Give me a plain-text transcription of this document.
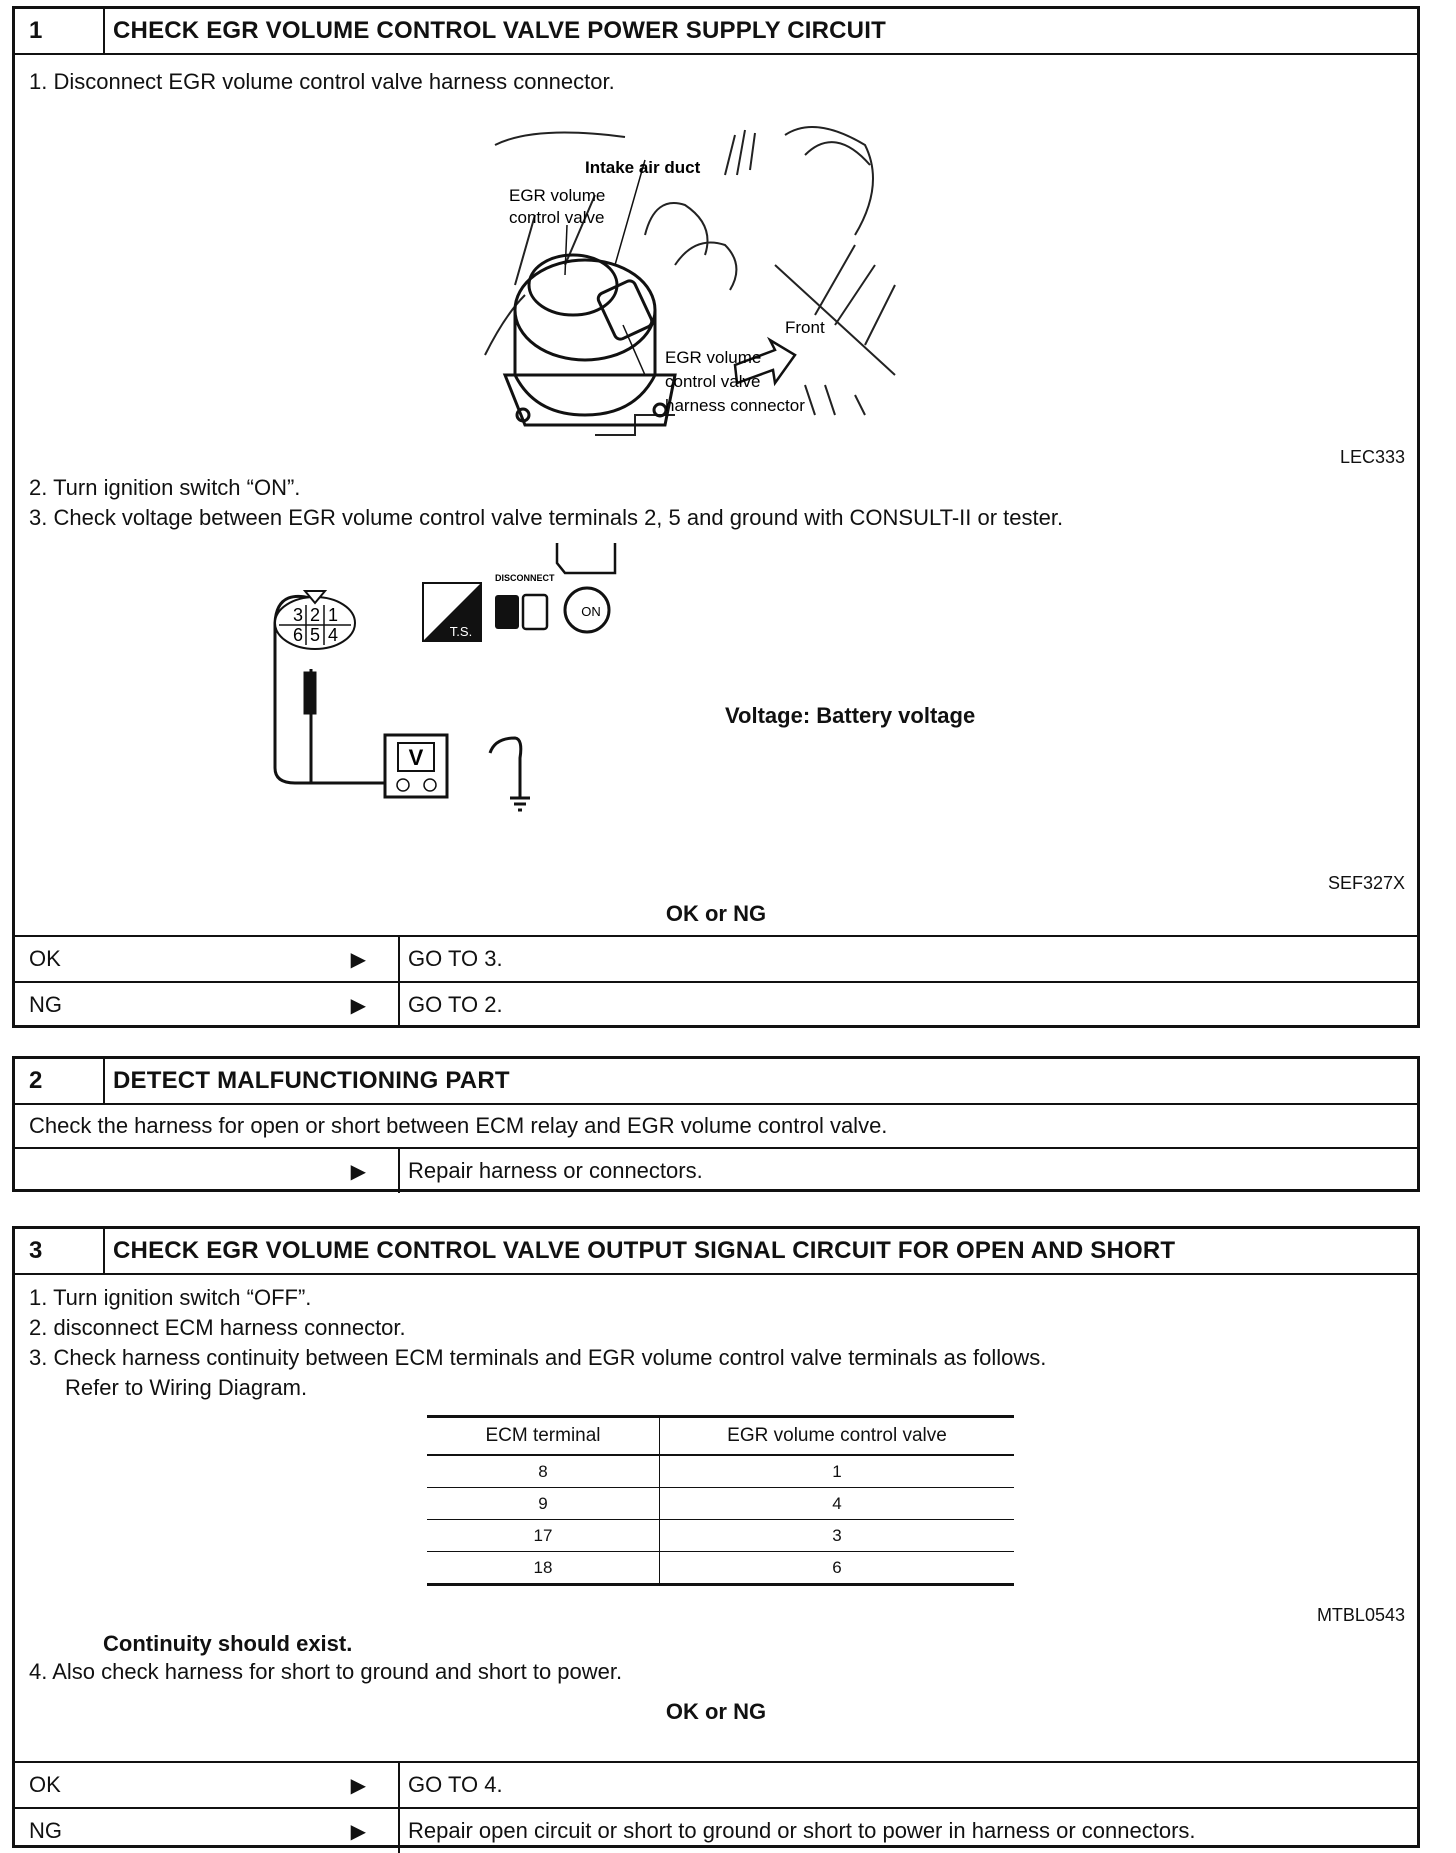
1	CHECK EGR VOLUME CONTROL VALVE POWER SUPPLY CIRCUIT
1. Disconnect EGR volume control valve harness connector.
Intake air duct
EGR volume
control valve
Front
EGR volume
control valve
harness connector
LEC333
2. Turn ignition switch “ON”.
3. Check voltage between EGR volume control valve terminals 2, 5 and ground with CONSULT-II or tester.
3 2 1
6 5 4	T.S.
DISCONNECT
ON
V
Voltage: Battery voltage
SEF327X
OK or NG
OK	▶	GO TO 3.
NG	▶	GO TO 2.
2	DETECT MALFUNCTIONING PART
Check the harness for open or short between ECM relay and EGR volume control valve.
▶	Repair harness or connectors.
3	CHECK EGR VOLUME CONTROL VALVE OUTPUT SIGNAL CIRCUIT FOR OPEN AND SHORT
1. Turn ignition switch “OFF”.
2. disconnect ECM harness connector.
3. Check harness continuity between ECM terminals and EGR volume control valve terminals as follows.
Refer to Wiring Diagram.
ECM terminal	EGR volume control valve
8	1
9	4
17	3
18	6
MTBL0543
Continuity should exist.
4. Also check harness for short to ground and short to power.
OK or NG
OK	▶	GO TO 4.
NG	▶	Repair open circuit or short to ground or short to power in harness or connectors.
